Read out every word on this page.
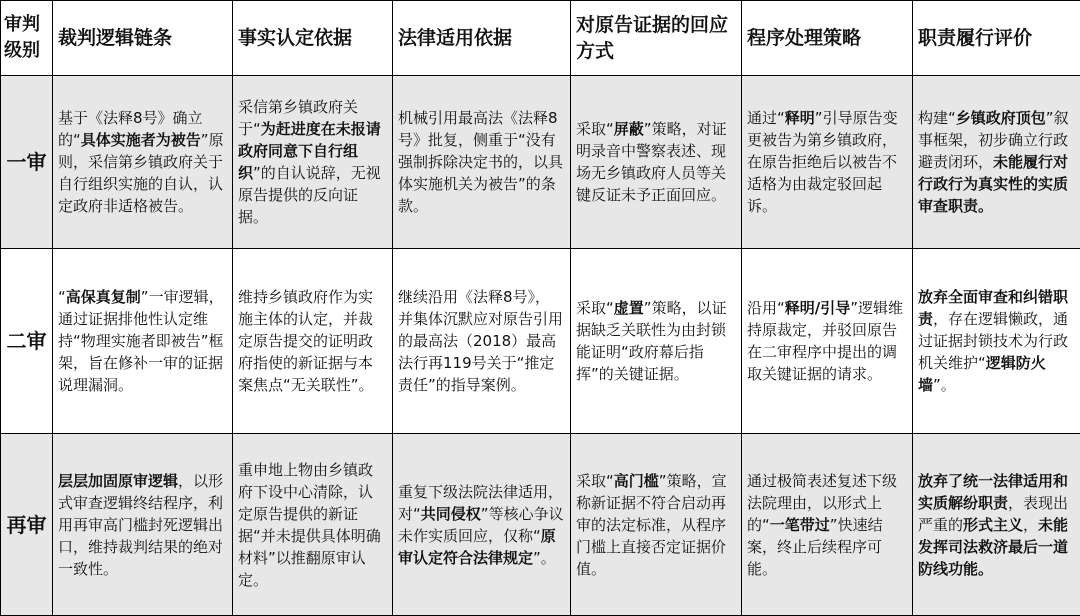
审判级别	裁判逻辑链条	事实认定依据	法律适用依据	对原告证据的回应方式	程序处理策略	职责履行评价
一审	基于《法释8号》确立的“具体实施者为被告”原则，采信第乡镇政府关于自行组织实施的自认，认定政府非适格被告。	采信第乡镇政府关于“为赶进度在未报请政府同意下自行组织”的自认说辞，无视原告提供的反向证据。	机械引用最高法《法释8号》批复，侧重于“没有强制拆除决定书的，以具体实施机关为被告”的条款。	采取“屏蔽”策略，对证明录音中警察表述、现场无乡镇政府人员等关键反证未予正面回应。	通过“释明”引导原告变更被告为第乡镇政府，在原告拒绝后以被告不适格为由裁定驳回起诉。	构建“乡镇政府顶包”叙事框架，初步确立行政避责闭环，未能履行对行政行为真实性的实质审查职责。
二审	“高保真复制”一审逻辑，通过证据排他性认定维持“物理实施者即被告”框架，旨在修补一审的证据说理漏洞。	维持乡镇政府作为实施主体的认定，并裁定原告提交的证明政府指使的新证据与本案焦点“无关联性”。	继续沿用《法释8号》，并集体沉默应对原告引用的最高法（2018）最高法行再119号关于“推定责任”的指导案例。	采取“虚置”策略，以证据缺乏关联性为由封锁能证明“政府幕后指挥”的关键证据。	沿用“释明/引导”逻辑维持原裁定，并驳回原告在二审程序中提出的调取关键证据的请求。	放弃全面审查和纠错职责，存在逻辑懒政，通过证据封锁技术为行政机关维护“逻辑防火墙”。
再审	层层加固原审逻辑，以形式审查逻辑终结程序，利用再审高门槛封死逻辑出口，维持裁判结果的绝对一致性。	重申地上物由乡镇政府下设中心清除，认定原告提供的新证据“并未提供具体明确材料”以推翻原审认定。	重复下级法院法律适用，对“共同侵权”等核心争议未作实质回应，仅称“原审认定符合法律规定”。	采取“高门槛”策略，宣称新证据不符合启动再审的法定标准，从程序门槛上直接否定证据价值。	通过极简表述复述下级法院理由，以形式上的“一笔带过”快速结案，终止后续程序可能。	放弃了统一法律适用和实质解纷职责，表现出严重的形式主义，未能发挥司法救济最后一道防线功能。
